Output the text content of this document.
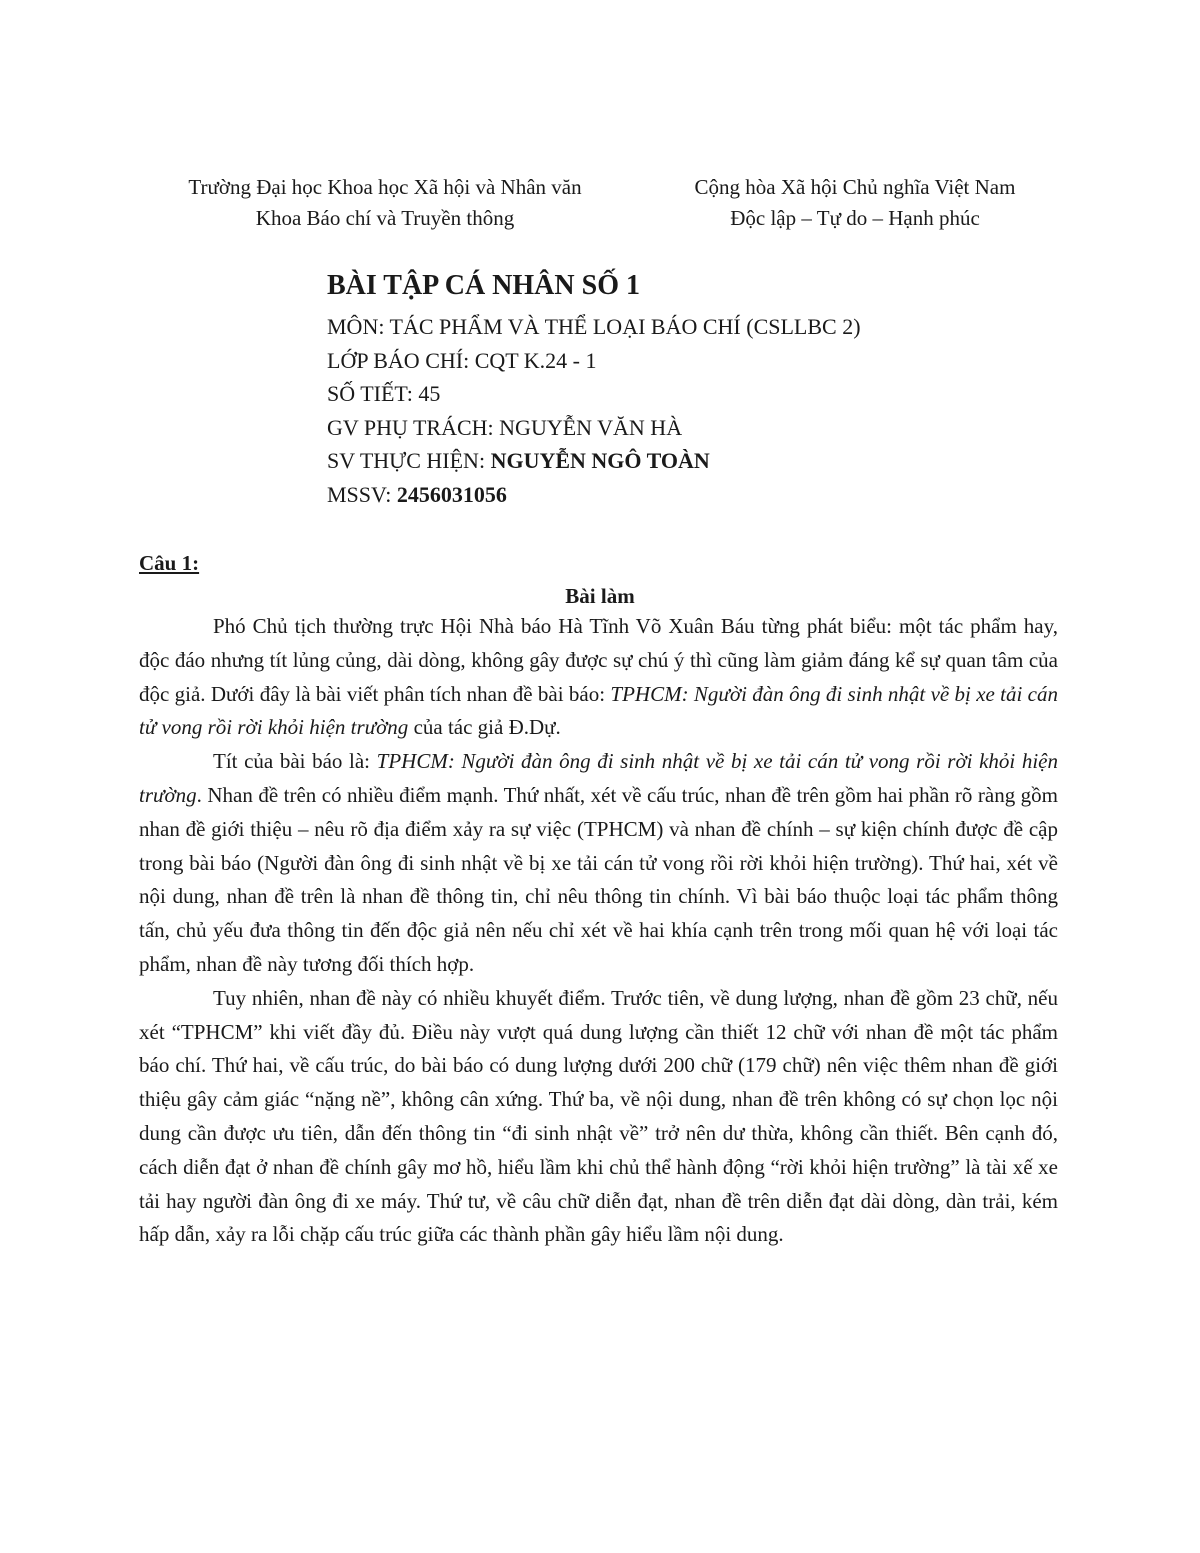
Trường Đại học Khoa học Xã hội và Nhân văn
Khoa Báo chí và Truyền thông
Cộng hòa Xã hội Chủ nghĩa Việt Nam
Độc lập – Tự do – Hạnh phúc
BÀI TẬP CÁ NHÂN SỐ 1
MÔN: TÁC PHẨM VÀ THỂ LOẠI BÁO CHÍ (CSLLBC 2)
LỚP BÁO CHÍ: CQT K.24 - 1
SỐ TIẾT: 45
GV PHỤ TRÁCH: NGUYỄN VĂN HÀ
SV THỰC HIỆN: NGUYỄN NGÔ TOÀN
MSSV: 2456031056
Câu 1:
Bài làm

Phó Chủ tịch thường trực Hội Nhà báo Hà Tĩnh Võ Xuân Báu từng phát biểu: một tác phẩm hay, độc đáo nhưng tít lủng củng, dài dòng, không gây được sự chú ý thì cũng làm giảm đáng kể sự quan tâm của độc giả. Dưới đây là bài viết phân tích nhan đề bài báo: TPHCM: Người đàn ông đi sinh nhật về bị xe tải cán tử vong rồi rời khỏi hiện trường của tác giả Đ.Dự.

Tít của bài báo là: TPHCM: Người đàn ông đi sinh nhật về bị xe tải cán tử vong rồi rời khỏi hiện trường. Nhan đề trên có nhiều điểm mạnh. Thứ nhất, xét về cấu trúc, nhan đề trên gồm hai phần rõ ràng gồm nhan đề giới thiệu – nêu rõ địa điểm xảy ra sự việc (TPHCM) và nhan đề chính – sự kiện chính được đề cập trong bài báo (Người đàn ông đi sinh nhật về bị xe tải cán tử vong rồi rời khỏi hiện trường). Thứ hai, xét về nội dung, nhan đề trên là nhan đề thông tin, chỉ nêu thông tin chính. Vì bài báo thuộc loại tác phẩm thông tấn, chủ yếu đưa thông tin đến độc giả nên nếu chỉ xét về hai khía cạnh trên trong mối quan hệ với loại tác phẩm, nhan đề này tương đối thích hợp.

Tuy nhiên, nhan đề này có nhiều khuyết điểm. Trước tiên, về dung lượng, nhan đề gồm 23 chữ, nếu xét “TPHCM” khi viết đầy đủ. Điều này vượt quá dung lượng cần thiết 12 chữ với nhan đề một tác phẩm báo chí. Thứ hai, về cấu trúc, do bài báo có dung lượng dưới 200 chữ (179 chữ) nên việc thêm nhan đề giới thiệu gây cảm giác “nặng nề”, không cân xứng. Thứ ba, về nội dung, nhan đề trên không có sự chọn lọc nội dung cần được ưu tiên, dẫn đến thông tin “đi sinh nhật về” trở nên dư thừa, không cần thiết. Bên cạnh đó, cách diễn đạt ở nhan đề chính gây mơ hồ, hiểu lầm khi chủ thể hành động “rời khỏi hiện trường” là tài xế xe tải hay người đàn ông đi xe máy. Thứ tư, về câu chữ diễn đạt, nhan đề trên diễn đạt dài dòng, dàn trải, kém hấp dẫn, xảy ra lỗi chặp cấu trúc giữa các thành phần gây hiểu lầm nội dung.
